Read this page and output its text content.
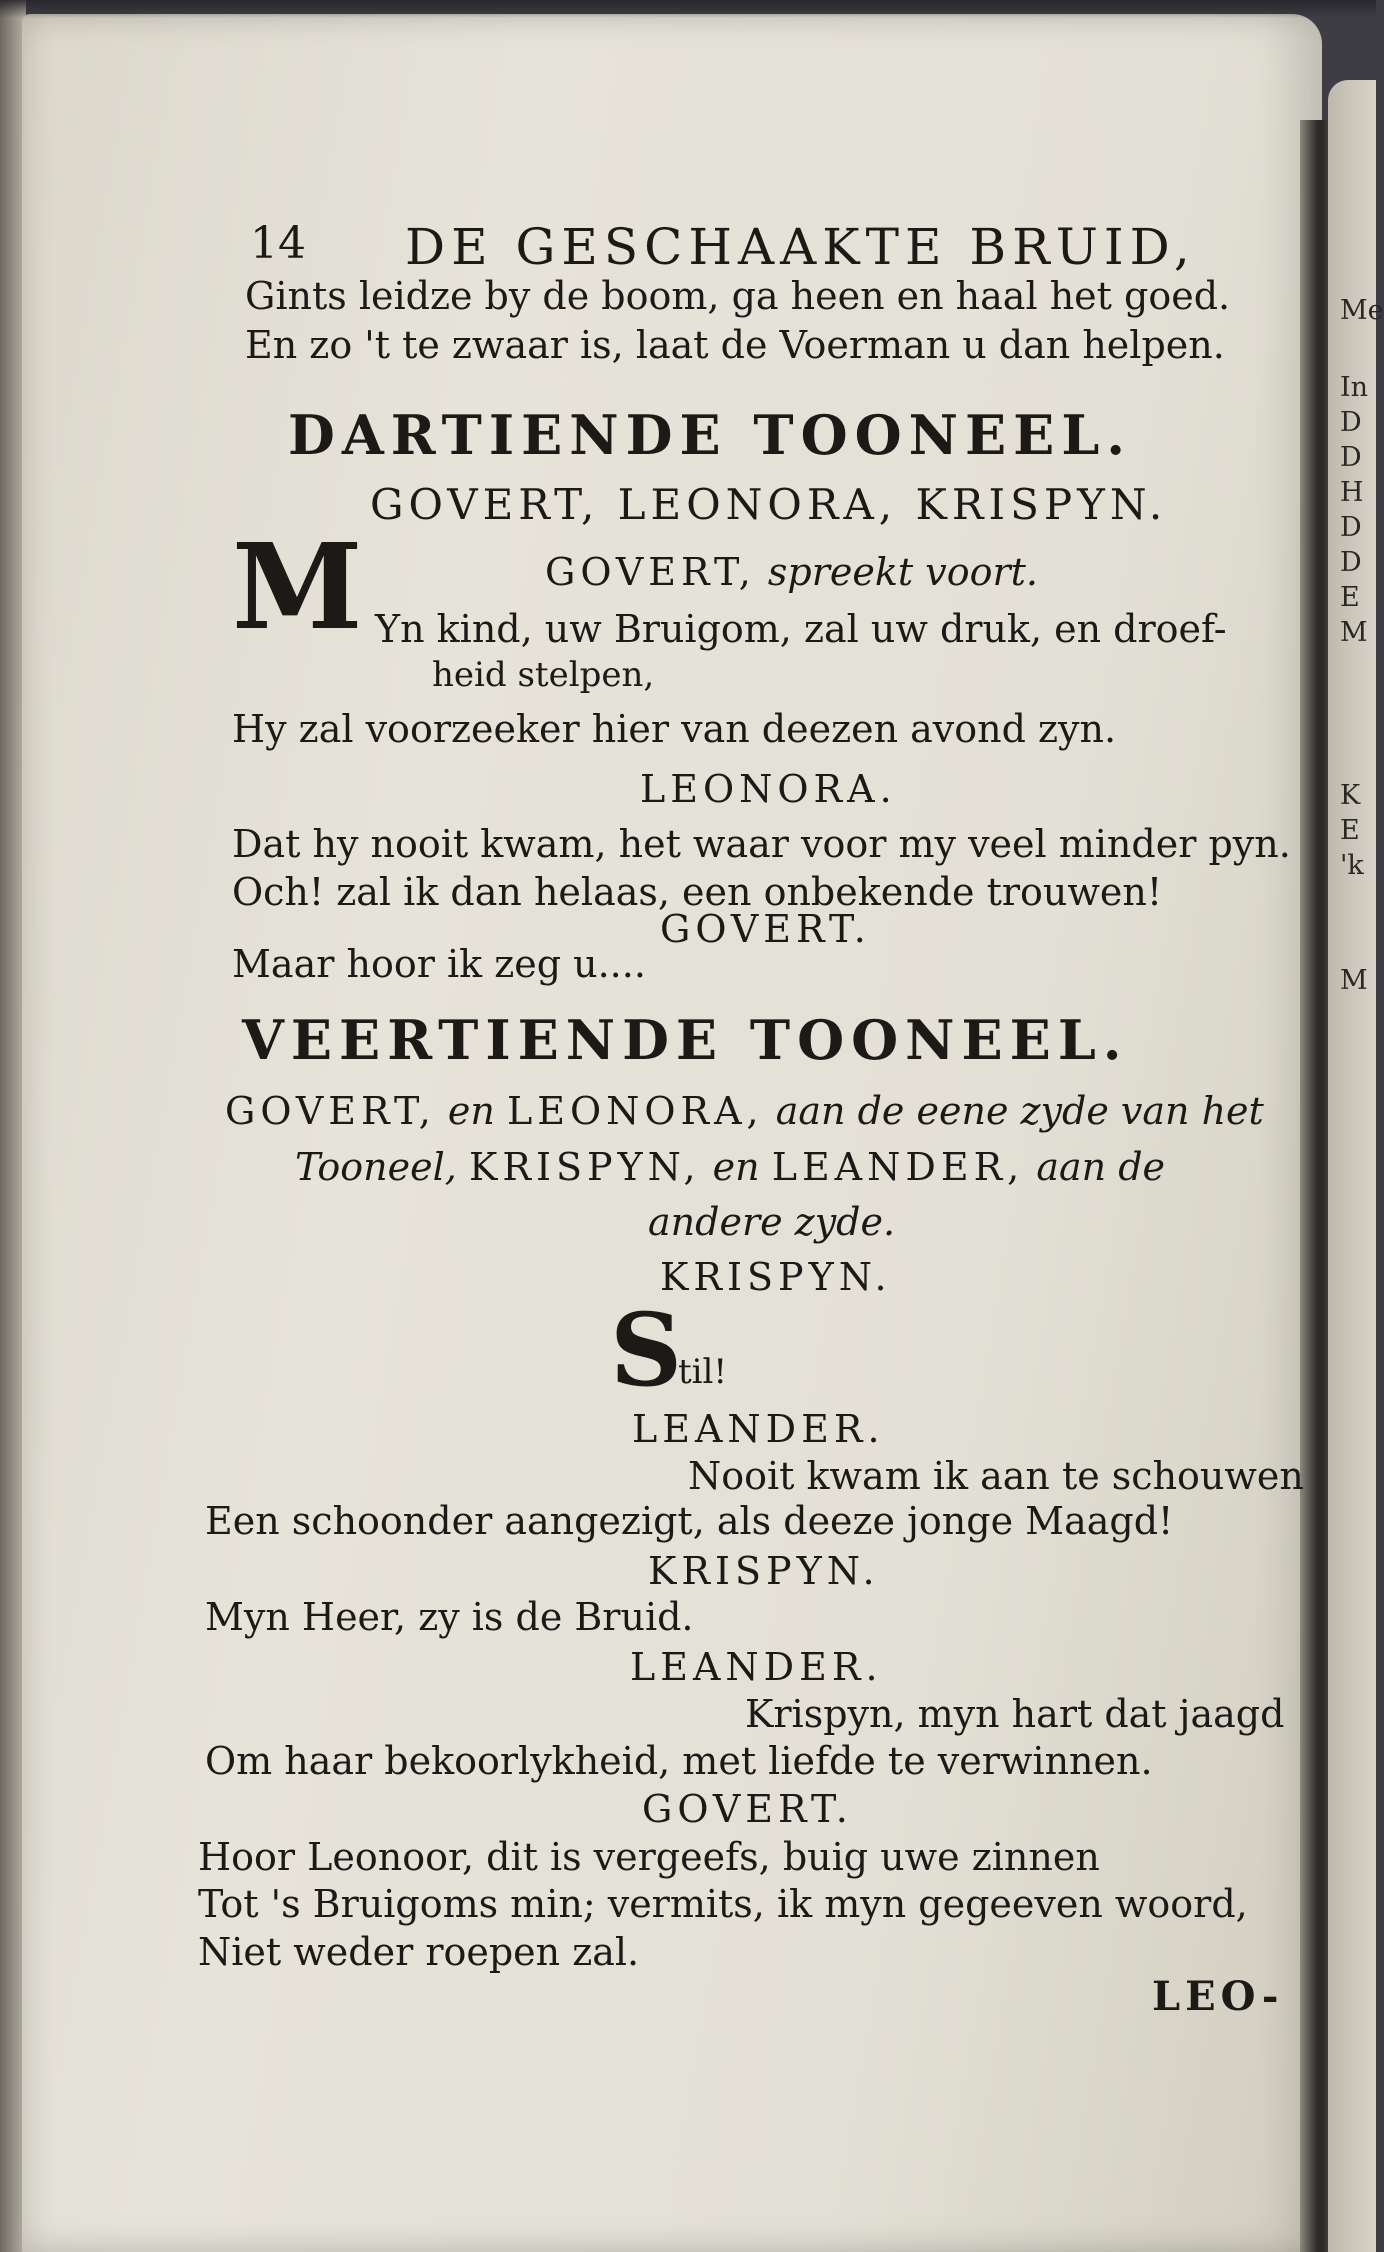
Me
In
D
D
H
D
D
E
M
K
E
'k
M
14 DE GESCHAAKTE BRUID,
Gints leidze by de boom, ga heen en haal het goed.
En zo 't te zwaar is, laat de Voerman u dan helpen.
DARTIENDE TOONEEL.
GOVERT, LEONORA, KRISPYN.
GOVERT, spreekt voort.
M Yn kind, uw Bruigom, zal uw druk, en droef-
heid stelpen,
Hy zal voorzeeker hier van deezen avond zyn.
LEONORA.
Dat hy nooit kwam, het waar voor my veel minder pyn.
Och! zal ik dan helaas, een onbekende trouwen!
GOVERT.
Maar hoor ik zeg u....
VEERTIENDE TOONEEL.
GOVERT, en LEONORA, aan de eene zyde van het
Tooneel, KRISPYN, en LEANDER, aan de
andere zyde.
KRISPYN.
S
til!
LEANDER.
Nooit kwam ik aan te schouwen
Een schoonder aangezigt, als deeze jonge Maagd!
KRISPYN.
Myn Heer, zy is de Bruid.
LEANDER.
Krispyn, myn hart dat jaagd
Om haar bekoorlykheid, met liefde te verwinnen.
GOVERT.
Hoor Leonoor, dit is vergeefs, buig uwe zinnen
Tot 's Bruigoms min; vermits, ik myn gegeeven woord,
Niet weder roepen zal.
LEO-
